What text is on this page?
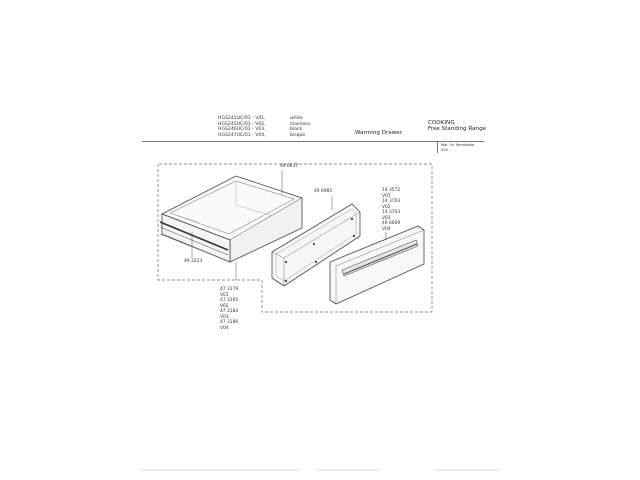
HGS242UC/01 - V01,
HGS245UC/01 - V02,
HGS246UC/01 - V03,
HGS247UC/01 - V04,
white
stainless
black
bisque	Warming Drawer
COOKING
Free Standing Range
Mar. Fo. Kennkatte
010 . . . .
49 6637
49 3223
49 6985	14 3572
V01
14 3703
V02
14 3703
V03
49 6669
V04
47 3179
V01
47 3165
V02
47 3184
V03
47 3186
V04
